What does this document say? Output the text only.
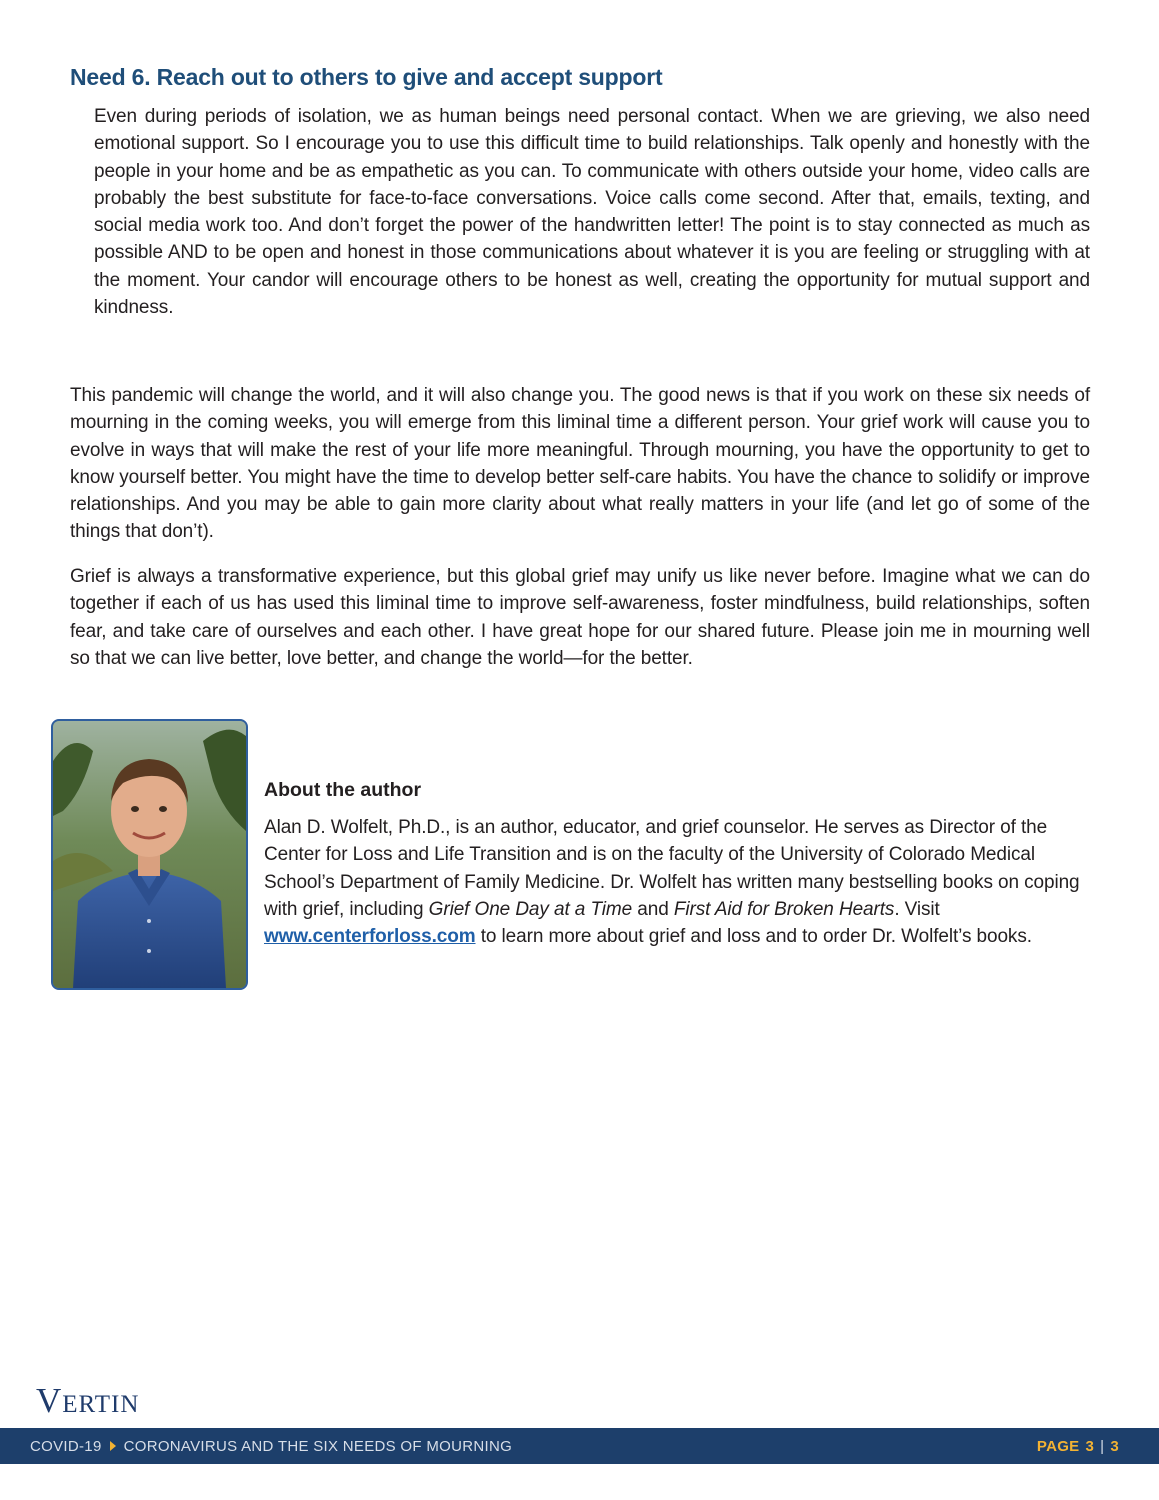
Need 6. Reach out to others to give and accept support

Even during periods of isolation, we as human beings need personal contact. When we are grieving, we also need emotional support. So I encourage you to use this difficult time to build relationships. Talk openly and honestly with the people in your home and be as empathetic as you can. To communicate with others outside your home, video calls are probably the best substitute for face-to-face conversations. Voice calls come second. After that, emails, texting, and social media work too. And don’t forget the power of the handwritten letter! The point is to stay connected as much as possible AND to be open and honest in those communications about whatever it is you are feeling or struggling with at the moment. Your candor will encourage others to be honest as well, creating the opportunity for mutual support and kindness.

This pandemic will change the world, and it will also change you. The good news is that if you work on these six needs of mourning in the coming weeks, you will emerge from this liminal time a different person. Your grief work will cause you to evolve in ways that will make the rest of your life more meaningful. Through mourning, you have the opportunity to get to know yourself better. You might have the time to develop better self-care habits. You have the chance to solidify or improve relationships. And you may be able to gain more clarity about what really matters in your life (and let go of some of the things that don’t).

Grief is always a transformative experience, but this global grief may unify us like never before. Imagine what we can do together if each of us has used this liminal time to improve self-awareness, foster mindfulness, build relationships, soften fear, and take care of ourselves and each other. I have great hope for our shared future. Please join me in mourning well so that we can live better, love better, and change the world—for the better.

About the author

Alan D. Wolfelt, Ph.D., is an author, educator, and grief counselor. He serves as Director of the Center for Loss and Life Transition and is on the faculty of the University of Colorado Medical School’s Department of Family Medicine. Dr. Wolfelt has written many bestselling books on coping with grief, including Grief One Day at a Time and First Aid for Broken Hearts. Visit www.centerforloss.com to learn more about grief and loss and to order Dr. Wolfelt’s books.

Vertin
COVID-19 CORONAVIRUS AND THE SIX NEEDS OF MOURNING	PAGE 3 | 3
